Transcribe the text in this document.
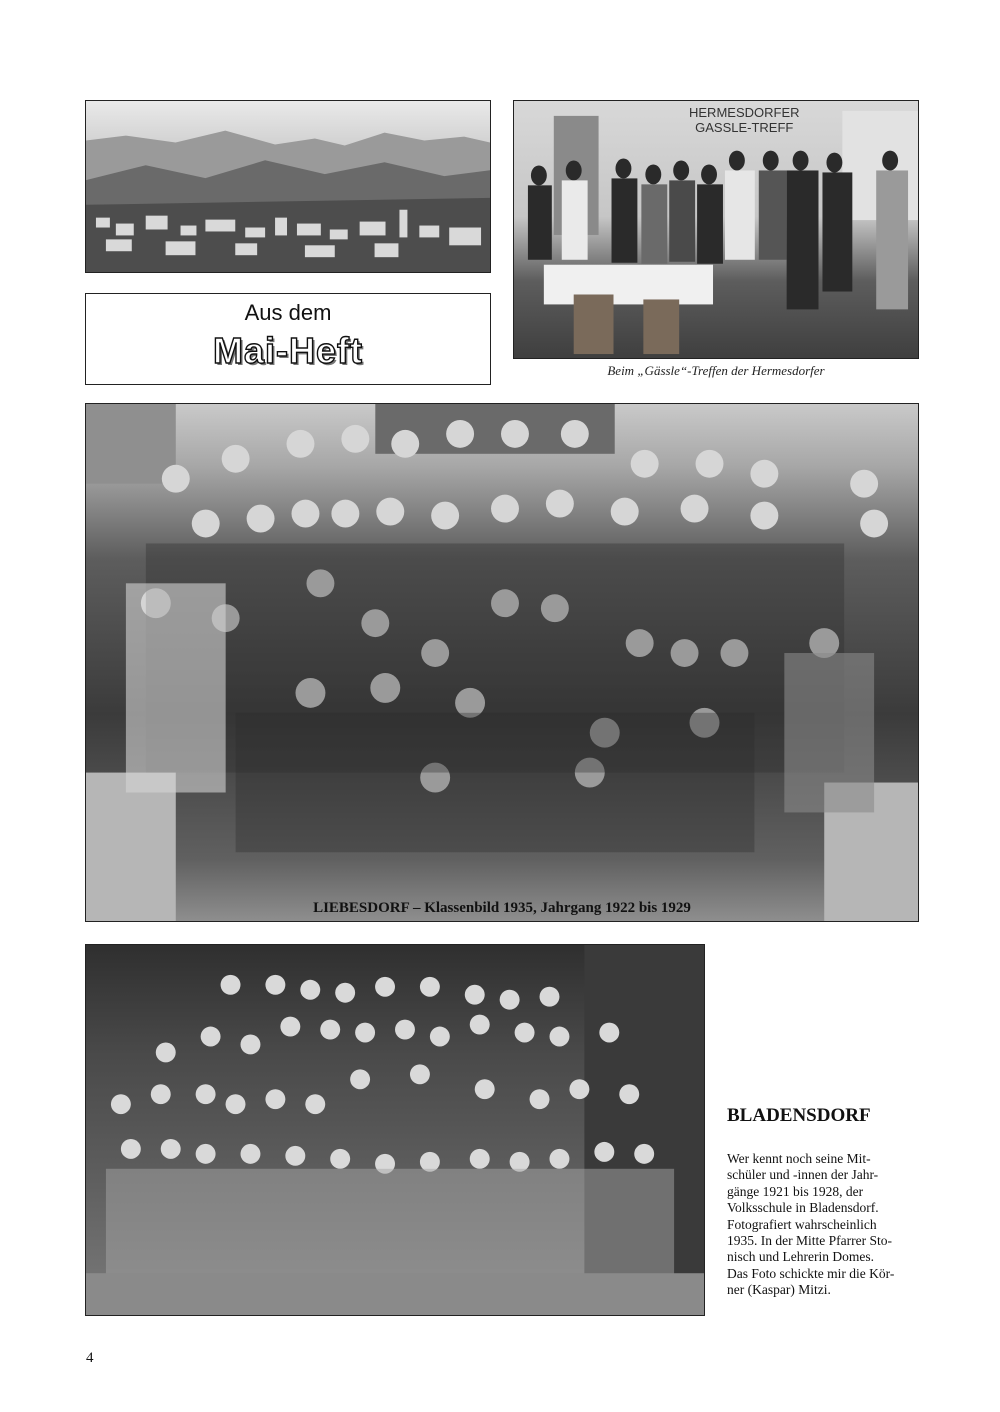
Aus dem
Mai-Heft
HERMESDORFER
GASSLE-TREFF
Beim „Gässle“-Treffen der Hermesdorfer
LIEBESDORF – Klassenbild 1935, Jahrgang 1922 bis 1929
BLADENSDORF
Wer kennt noch seine Mit-
schüler und -innen der Jahr-
gänge 1921 bis 1928, der
Volksschule in Bladensdorf.
Fotografiert wahrscheinlich
1935. In der Mitte Pfarrer Sto-
nisch und Lehrerin Domes.
Das Foto schickte mir die Kör-
ner (Kaspar) Mitzi.
4
